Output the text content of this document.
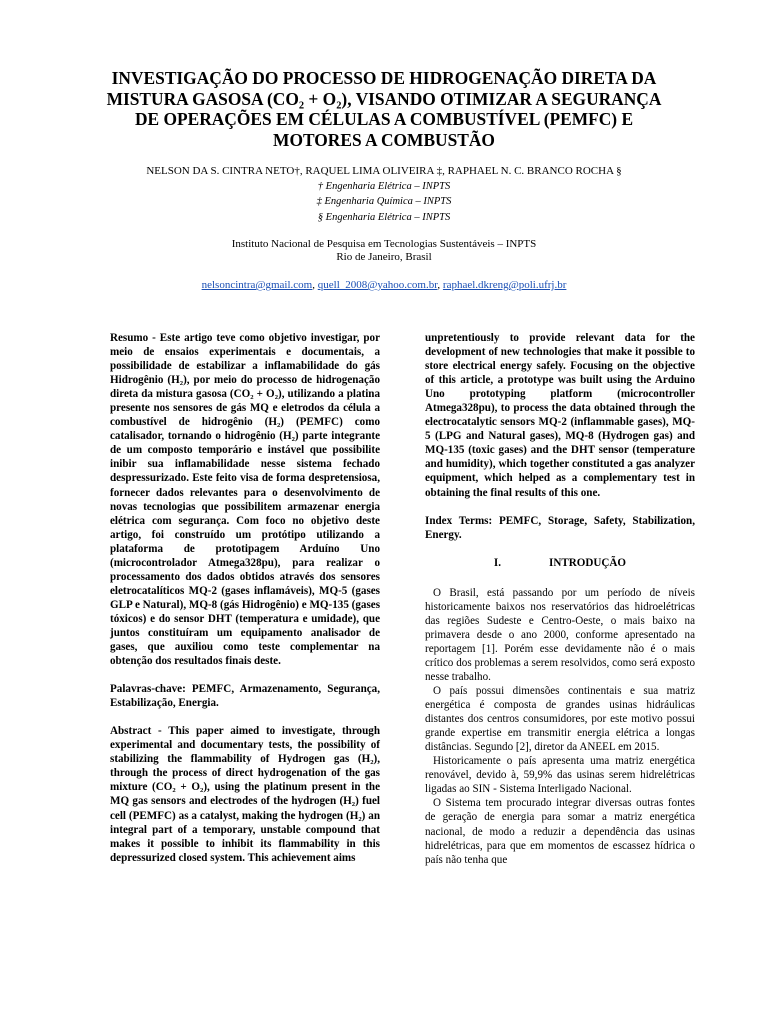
INVESTIGAÇÃO DO PROCESSO DE HIDROGENAÇÃO DIRETA DA MISTURA GASOSA (CO₂ + O₂), VISANDO OTIMIZAR A SEGURANÇA DE OPERAÇÕES EM CÉLULAS A COMBUSTÍVEL (PEMFC) E MOTORES A COMBUSTÃO
NELSON DA S. CINTRA NETO†, RAQUEL LIMA OLIVEIRA ‡, RAPHAEL N. C. BRANCO ROCHA §
† Engenharia Elétrica – INPTS
‡ Engenharia Química – INPTS
§ Engenharia Elétrica – INPTS
Instituto Nacional de Pesquisa em Tecnologias Sustentáveis – INPTS
Rio de Janeiro, Brasil
nelsoncintra@gmail.com, quell_2008@yahoo.com.br, raphael.dkreng@poli.ufrj.br

Resumo - Este artigo teve como objetivo investigar, por meio de ensaios experimentais e documentais, a possibilidade de estabilizar a inflamabilidade do gás Hidrogênio (H₂), por meio do processo de hidrogenação direta da mistura gasosa (CO₂ + O₂), utilizando a platina presente nos sensores de gás MQ e eletrodos da célula a combustível de hidrogênio (H₂) (PEMFC) como catalisador, tornando o hidrogênio (H₂) parte integrante de um composto temporário e instável que possibilite inibir sua inflamabilidade nesse sistema fechado despressurizado. Este feito visa de forma despretensiosa, fornecer dados relevantes para o desenvolvimento de novas tecnologias que possibilitem armazenar energia elétrica com segurança. Com foco no objetivo deste artigo, foi construído um protótipo utilizando a plataforma de prototipagem Arduíno Uno (microcontrolador Atmega328pu), para realizar o processamento dos dados obtidos através dos sensores eletrocatalíticos MQ-2 (gases inflamáveis), MQ-5 (gases GLP e Natural), MQ-8 (gás Hidrogênio) e MQ-135 (gases tóxicos) e do sensor DHT (temperatura e umidade), que juntos constituíram um equipamento analisador de gases, que auxiliou como teste complementar na obtenção dos resultados finais deste.

Palavras-chave: PEMFC, Armazenamento, Segurança, Estabilização, Energia.

Abstract - This paper aimed to investigate, through experimental and documentary tests, the possibility of stabilizing the flammability of Hydrogen gas (H₂), through the process of direct hydrogenation of the gas mixture (CO₂ + O₂), using the platinum present in the MQ gas sensors and electrodes of the hydrogen (H₂) fuel cell (PEMFC) as a catalyst, making the hydrogen (H₂) an integral part of a temporary, unstable compound that makes it possible to inhibit its flammability in this depressurized closed system. This achievement aims

unpretentiously to provide relevant data for the development of new technologies that make it possible to store electrical energy safely. Focusing on the objective of this article, a prototype was built using the Arduino Uno prototyping platform (microcontroller Atmega328pu), to process the data obtained through the electrocatalytic sensors MQ-2 (inflammable gases), MQ-5 (LPG and Natural gases), MQ-8 (Hydrogen gas) and MQ-135 (toxic gases) and the DHT sensor (temperature and humidity), which together constituted a gas analyzer equipment, which helped as a complementary test in obtaining the final results of this one.

Index Terms: PEMFC, Storage, Safety, Stabilization, Energy.

I.	INTRODUÇÃO

O Brasil, está passando por um período de níveis historicamente baixos nos reservatórios das hidroelétricas das regiões Sudeste e Centro-Oeste, o mais baixo na primavera desde o ano 2000, conforme apresentado na reportagem [1]. Porém esse devidamente não é o mais crítico dos problemas a serem resolvidos, como será exposto nesse trabalho.

O país possui dimensões continentais e sua matriz energética é composta de grandes usinas hidráulicas distantes dos centros consumidores, por este motivo possui grande expertise em transmitir energia elétrica a longas distâncias. Segundo [2], diretor da ANEEL em 2015.

Historicamente o país apresenta uma matriz energética renovável, devido à, 59,9% das usinas serem hidrelétricas ligadas ao SIN - Sistema Interligado Nacional.

O Sistema tem procurado integrar diversas outras fontes de geração de energia para somar a matriz energética nacional, de modo a reduzir a dependência das usinas hidrelétricas, para que em momentos de escassez hídrica o país não tenha que
